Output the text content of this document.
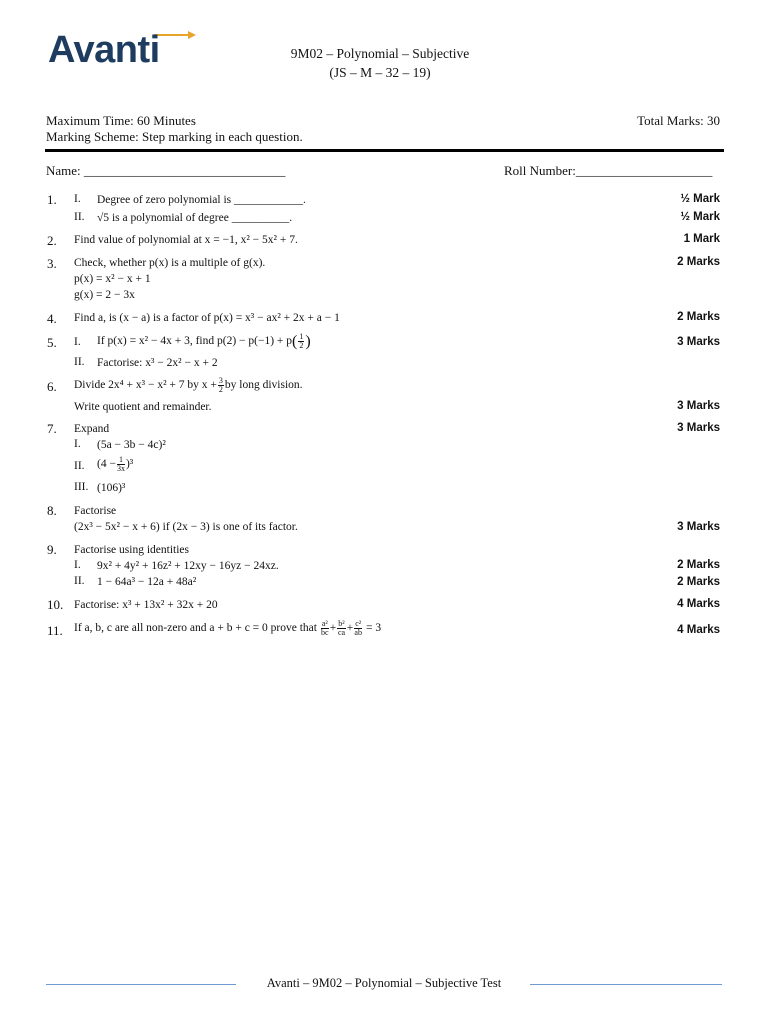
Avanti	9M02 – Polynomial – Subjective
(JS – M – 32 – 19)
Maximum Time: 60 Minutes	Total Marks: 30
Marking Scheme: Step marking in each question.
Name: _______________________________	Roll Number:_____________________
1. I. Degree of zero polynomial is ____________.	½ Mark
II. √5 is a polynomial of degree __________.	½ Mark
2. Find value of polynomial at x = −1, x² − 5x² + 7.	1 Mark
3. Check, whether p(x) is a multiple of g(x).
p(x) = x² − x + 1
g(x) = 2 − 3x
2 Marks
4. Find a, is (x − a) is a factor of p(x) = x³ − ax² + 2x + a − 1	2 Marks
5. I. If p(x) = x² − 4x + 3, find $p(2) - p(-1) + p( \frac{1}{2}$ )	3 Marks
II. Factorise: x³ − 2x² − x + 2
6. Divide 2x⁴ + x³ − x² + 7 by $x + \frac{3}{2}$ by long division.
Write quotient and remainder.	3 Marks
7. Expand	3 Marks
I. (5a − 3b − 4c)²
II. $(4 - \frac{1}{3x} )^3$
III. (106)³
8. Factorise
(2x³ − 5x² − x + 6) if (2x − 3) is one of its factor.	3 Marks
9. Factorise using identities
I. 9x² + 4y² + 16z² + 12xy − 16yz − 24xz.	2 Marks
II. 1 − 64a³ − 12a + 48a²	2 Marks
10. Factorise: x³ + 13x² + 32x + 20	4 Marks
11. If a, b, c are all non-zero and a + b + c = 0 prove that $\frac{\text{a²}}{bc} + \frac{\text{b²}}{ca} + \frac{\text{c²}}{ab} = 3$	4 Marks
Avanti – 9M02 – Polynomial – Subjective Test
